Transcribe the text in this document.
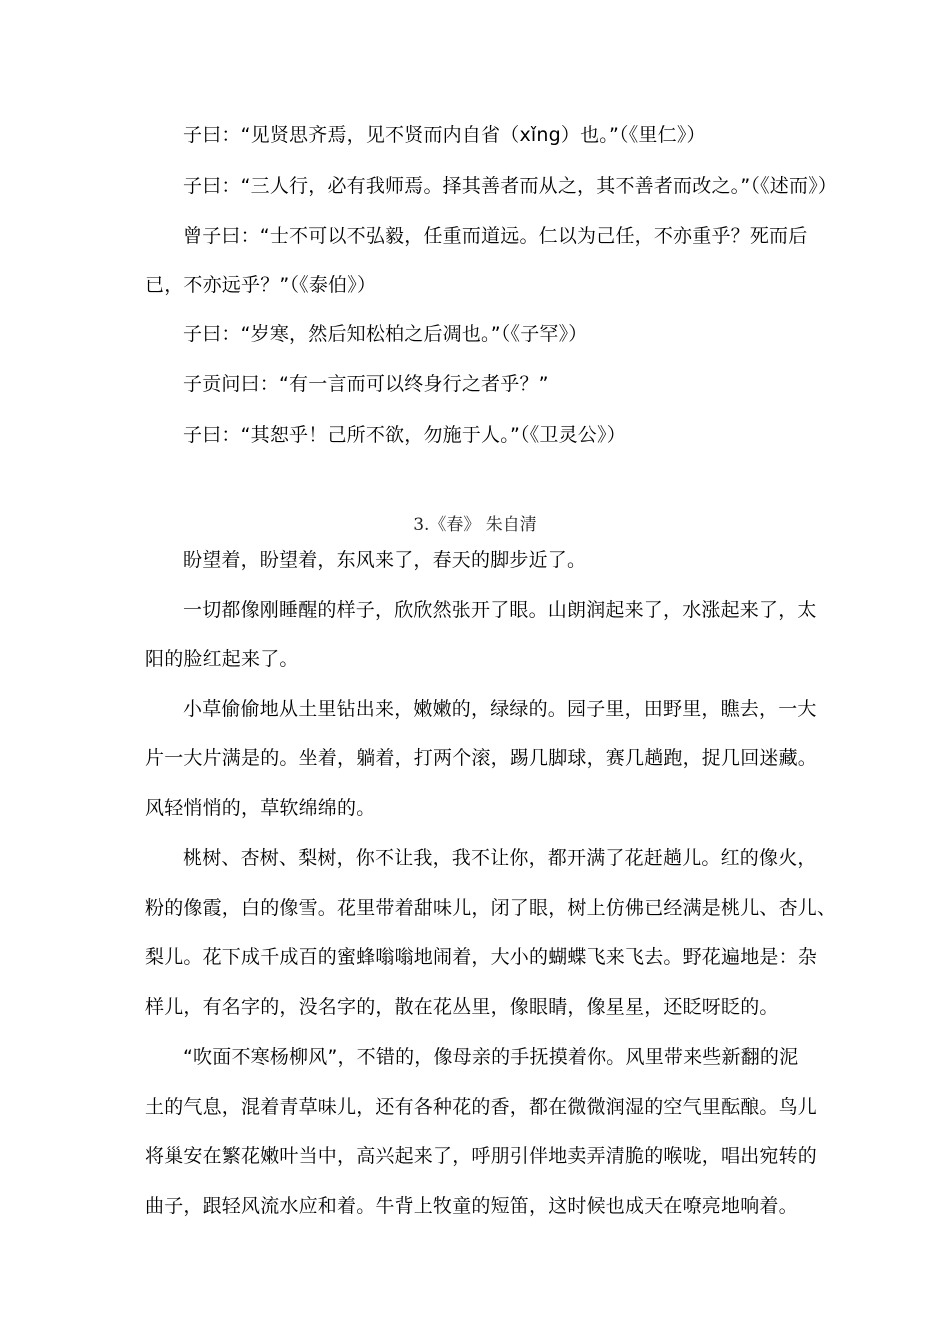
子曰：“见贤思齐焉，见不贤而内自省（xǐng）也。”（《里仁》）
子曰：“三人行，必有我师焉。择其善者而从之，其不善者而改之。”（《述而》）
曾子曰：“士不可以不弘毅，任重而道远。仁以为己任，不亦重乎？死而后
已，不亦远乎？”（《泰伯》）
子曰：“岁寒，然后知松柏之后凋也。”（《子罕》）
子贡问曰：“有一言而可以终身行之者乎？”
子曰：“其恕乎！己所不欲，勿施于人。”（《卫灵公》）
3.《春》 朱自清
盼望着，盼望着，东风来了，春天的脚步近了。
一切都像刚睡醒的样子，欣欣然张开了眼。山朗润起来了，水涨起来了，太
阳的脸红起来了。
小草偷偷地从土里钻出来，嫩嫩的，绿绿的。园子里，田野里，瞧去，一大
片一大片满是的。坐着，躺着，打两个滚，踢几脚球，赛几趟跑，捉几回迷藏。
风轻悄悄的，草软绵绵的。
桃树、杏树、梨树，你不让我，我不让你，都开满了花赶趟儿。红的像火，
粉的像霞，白的像雪。花里带着甜味儿，闭了眼，树上仿佛已经满是桃儿、杏儿、
梨儿。花下成千成百的蜜蜂嗡嗡地闹着，大小的蝴蝶飞来飞去。野花遍地是：杂
样儿，有名字的，没名字的，散在花丛里，像眼睛，像星星，还眨呀眨的。
“吹面不寒杨柳风”，不错的，像母亲的手抚摸着你。风里带来些新翻的泥
土的气息，混着青草味儿，还有各种花的香，都在微微润湿的空气里酝酿。鸟儿
将巢安在繁花嫩叶当中，高兴起来了，呼朋引伴地卖弄清脆的喉咙，唱出宛转的
曲子，跟轻风流水应和着。牛背上牧童的短笛，这时候也成天在嘹亮地响着。
